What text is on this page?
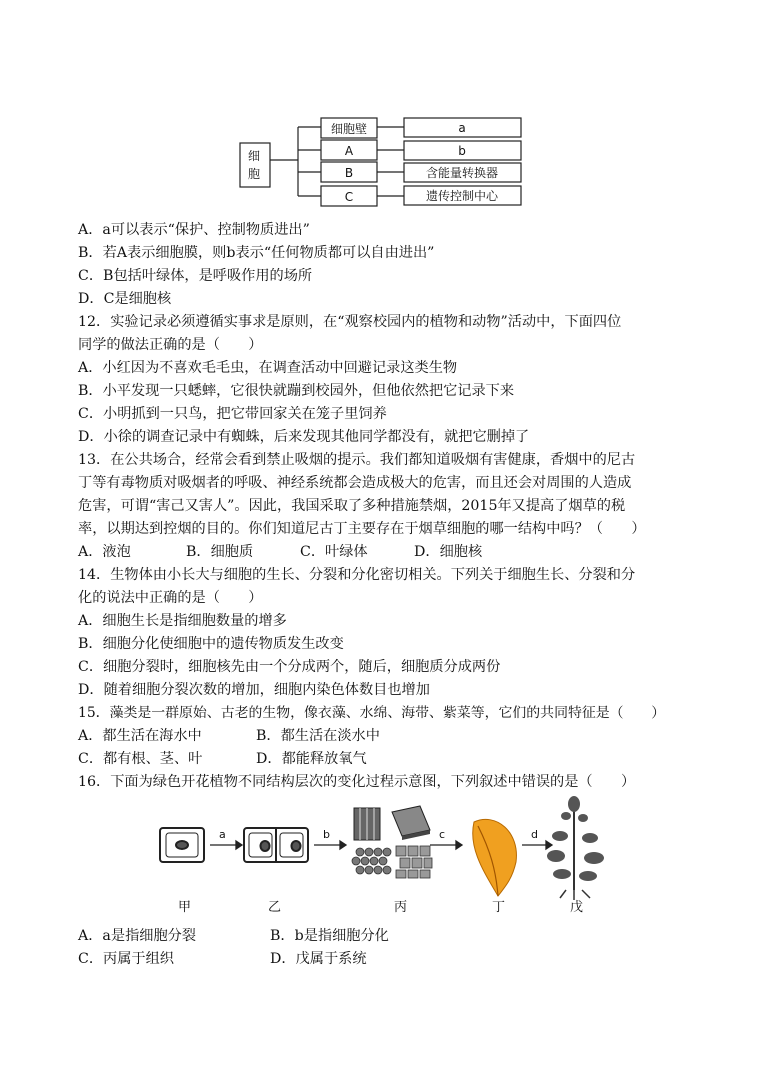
细
胞
细胞壁
A
B
C
a
b
含能量转换器
遗传控制中心
A．a可以表示“保护、控制物质进出”
B．若A表示细胞膜，则b表示“任何物质都可以自由进出”
C．B包括叶绿体，是呼吸作用的场所
D．C是细胞核
12．实验记录必须遵循实事求是原则，在“观察校园内的植物和动物”活动中，下面四位
同学的做法正确的是（　　）
A．小红因为不喜欢毛毛虫，在调查活动中回避记录这类生物
B．小平发现一只蟋蟀，它很快就蹦到校园外，但他依然把它记录下来
C．小明抓到一只鸟，把它带回家关在笼子里饲养
D．小徐的调查记录中有蜘蛛，后来发现其他同学都没有，就把它删掉了
13．在公共场合，经常会看到禁止吸烟的提示。我们都知道吸烟有害健康，香烟中的尼古
丁等有毒物质对吸烟者的呼吸、神经系统都会造成极大的危害，而且还会对周围的人造成
危害，可谓“害己又害人”。因此，我国采取了多种措施禁烟，2015年又提高了烟草的税
率，以期达到控烟的目的。你们知道尼古丁主要存在于烟草细胞的哪一结构中吗？（　　）
A．液泡	B．细胞质	C．叶绿体	D．细胞核
14．生物体由小长大与细胞的生长、分裂和分化密切相关。下列关于细胞生长、分裂和分
化的说法中正确的是（　　）
A．细胞生长是指细胞数量的增多
B．细胞分化使细胞中的遗传物质发生改变
C．细胞分裂时，细胞核先由一个分成两个，随后，细胞质分成两份
D．随着细胞分裂次数的增加，细胞内染色体数目也增加
15．藻类是一群原始、古老的生物，像衣藻、水绵、海带、紫菜等，它们的共同特征是（　　）
A．都生活在海水中	B．都生活在淡水中
C．都有根、茎、叶	D．都能释放氧气
16．下面为绿色开花植物不同结构层次的变化过程示意图，下列叙述中错误的是（　　）
a	b	c	d
甲	乙	丙	丁	戊
A．a是指细胞分裂	B．b是指细胞分化
C．丙属于组织	D．戊属于系统
